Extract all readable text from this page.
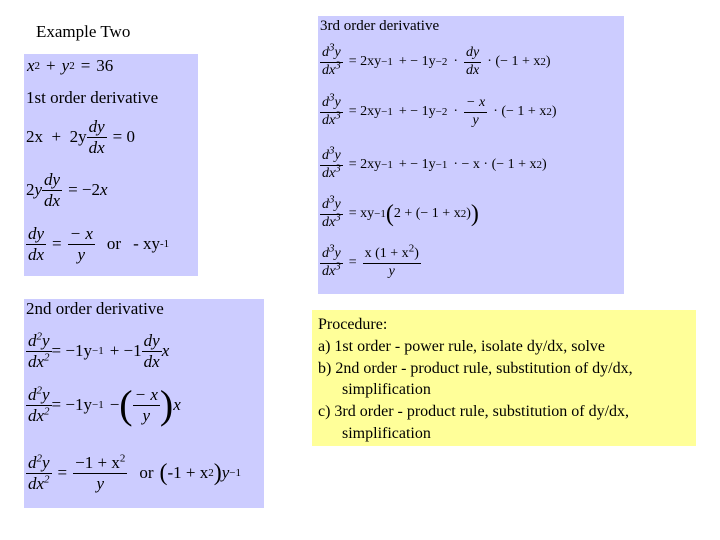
Example Two
x 2 + y 2 = 36
1st order derivative
$2x + 2y \frac{dy}{dx} = 0$
2 y $\frac{dy}{dx} = -2$ x
$\frac{dy}{dx} = \frac{- x}{y}$ or - xy -1
2nd order derivative
$\frac{d^2y}{dx^2} = -1y -1 + -1 \frac{dy}{dx}$ x
$\frac{d^2y}{dx^2} = -1y -1$ − ( $\frac{- x}{y}$ ) x
$\frac{d^2y}{dx^2} = \frac{-1 + x^2}{y}$ or ( -1 + x 2 ) y −1
3rd order derivative
$\frac{d^3y}{dx^3} = 2xy -1$ + − $1y -2 \cdot \frac{dy}{dx}$ · (− 1 + x 2 )
$\frac{d^3y}{dx^3} = 2xy -1$ + − $1y -2 \cdot \frac{- x}{y}$ · (− 1 + x 2 )
$\frac{d^3y}{dx^3} = 2xy -1$ + − 1y −1 · − x · (− 1 + x 2 )
$\frac{d^3y}{dx^3}$ = xy −1 ( 2 + (− 1 + x 2 ) )
$\frac{d^3y}{dx^3} = \frac{x (1 + x^2)}{y}$
Procedure:
a) 1st order - power rule, isolate dy/dx, solve
b) 2nd order - product rule, substitution of dy/dx,
simplification
c) 3rd order - product rule, substitution of dy/dx,
simplification
